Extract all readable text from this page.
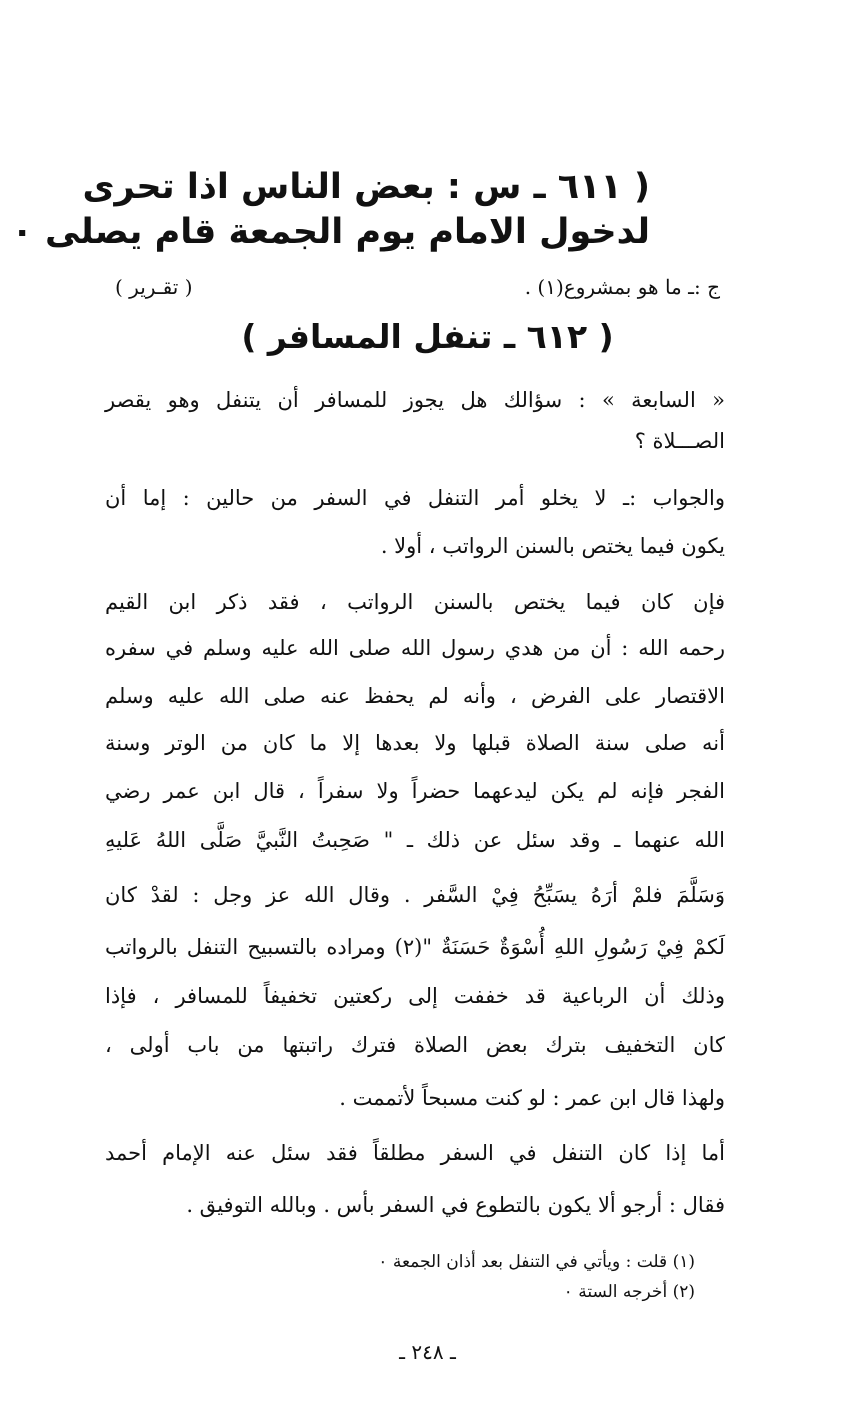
( ٦١١ ـ س : بعض الناس اذا تحرى
لدخول الامام يوم الجمعة قام يصلى ٠
ج :ـ ما هو بمشروع(١) .
( تقـرير )
( ٦١٢ ـ تنفل المسافر )
« السابعة » : سؤالك هل يجوز للمسافر أن يتنفل وهو يقصر
الصـــلاة ؟
والجواب :ـ لا يخلو أمر التنفل في السفر من حالين : إما أن
يكون فيما يختص بالسنن الرواتب ، أولا .
فإن كان فيما يختص بالسنن الرواتب ، فقد ذكر ابن القيم
رحمه الله : أن من هدي رسول الله صلى الله عليه وسلم في سفره
الاقتصار على الفرض ، وأنه لم يحفظ عنه صلى الله عليه وسلم
أنه صلى سنة الصلاة قبلها ولا بعدها إلا ما كان من الوتر وسنة
الفجر فإنه لم يكن ليدعهما حضراً ولا سفراً ، قال ابن عمر رضي
الله عنهما ـ وقد سئل عن ذلك ـ " صَحِبتُ النَّبيَّ صَلَّى اللهُ عَليهِ
وَسَلَّمَ فلمْ أرَهُ يسَبِّحُ فِيْ السَّفر . وقال الله عز وجل : لقدْ كان
لَكمْ فِيْ رَسُولِ اللهِ أُسْوَةٌ حَسَنَةٌ "(٢) ومراده بالتسبيح التنفل بالرواتب
وذلك أن الرباعية قد خففت إلى ركعتين تخفيفاً للمسافر ، فإذا
كان التخفيف بترك بعض الصلاة فترك راتبتها من باب أولى ،
ولهذا قال ابن عمر : لو كنت مسبحاً لأتممت .
أما إذا كان التنفل في السفر مطلقاً فقد سئل عنه الإمام أحمد
فقال : أرجو ألا يكون بالتطوع في السفر بأس . وبالله التوفيق .
(١) قلت : ويأتي في التنفل بعد أذان الجمعة ٠
(٢) أخرجه الستة ٠
ـ ٢٤٨ ـ
